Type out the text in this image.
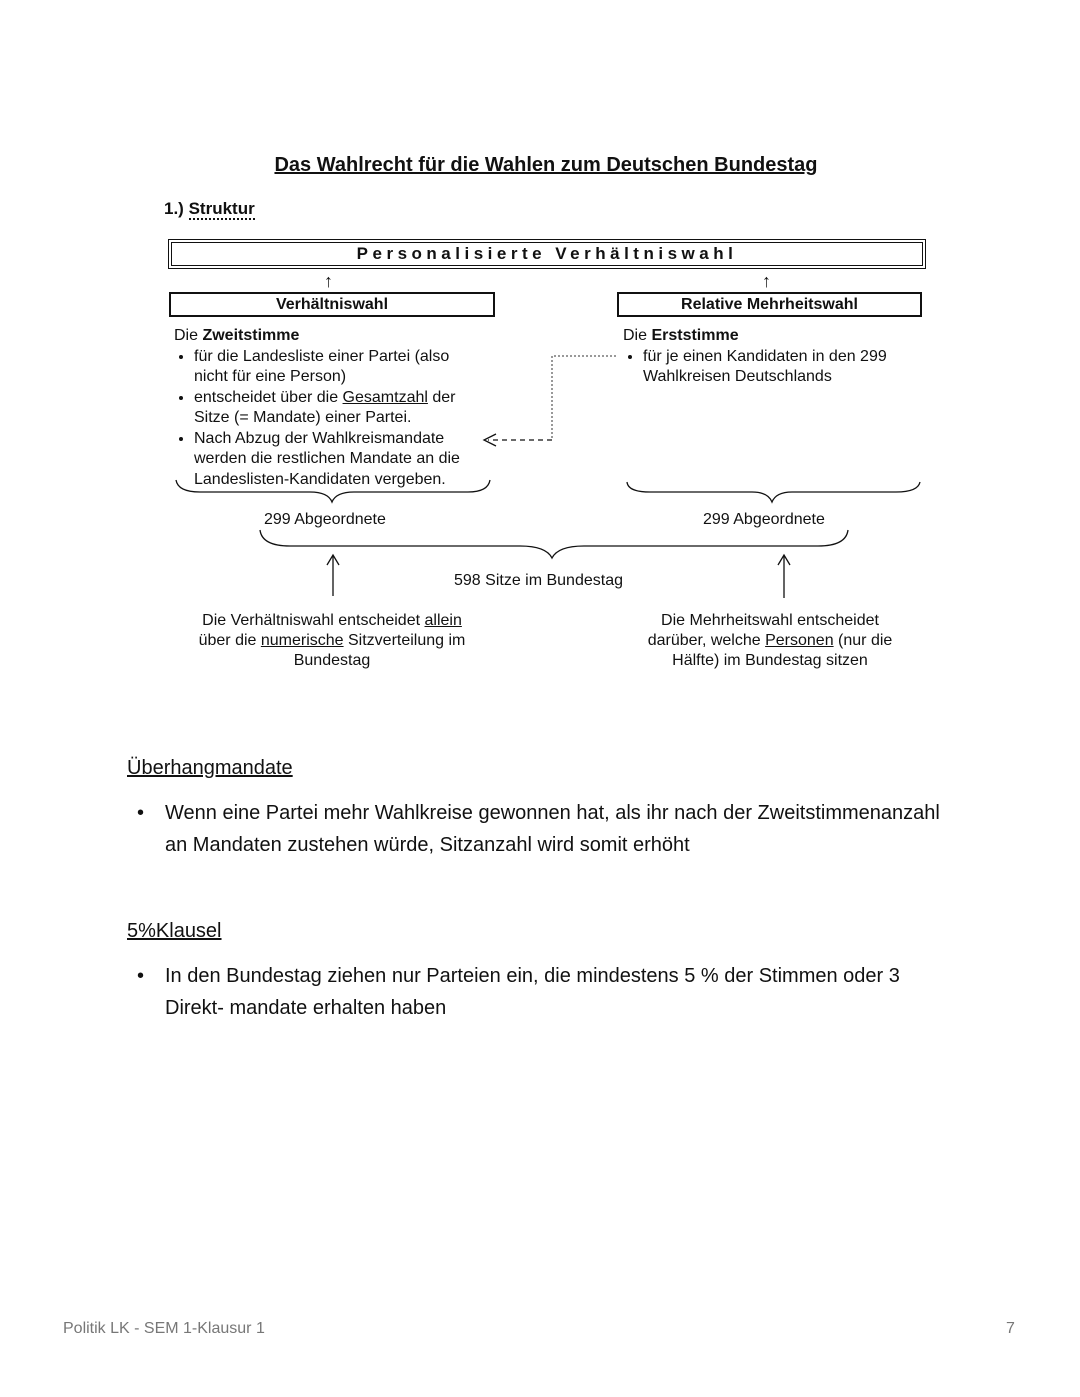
Das Wahlrecht für die Wahlen zum Deutschen Bundestag
1.) Struktur
Personalisierte Verhältniswahl
↑	↑
Verhältniswahl	Relative Mehrheitswahl
Die Zweitstimme
• für die Landesliste einer Partei (also nicht für eine Person)
• entscheidet über die Gesamtzahl der Sitze (= Mandate) einer Partei.
• Nach Abzug der Wahlkreismandate werden die restlichen Mandate an die Landeslisten-Kandidaten vergeben.
Die Erststimme
• für je einen Kandidaten in den 299 Wahlkreisen Deutschlands
299 Abgeordnete	299 Abgeordnete
598 Sitze im Bundestag
Die Verhältniswahl entscheidet allein
über die numerische Sitzverteilung im
Bundestag
Die Mehrheitswahl entscheidet
darüber, welche Personen (nur die
Hälfte) im Bundestag sitzen
Überhangmandate
• Wenn eine Partei mehr Wahlkreise gewonnen hat, als ihr nach der Zweitstimmenanzahl an Mandaten zustehen würde, Sitzanzahl wird somit erhöht
5%Klausel
• In den Bundestag ziehen nur Parteien ein, die mindestens 5 % der Stimmen oder 3 Direkt- mandate erhalten haben
Politik LK - SEM 1-Klausur 1	7
